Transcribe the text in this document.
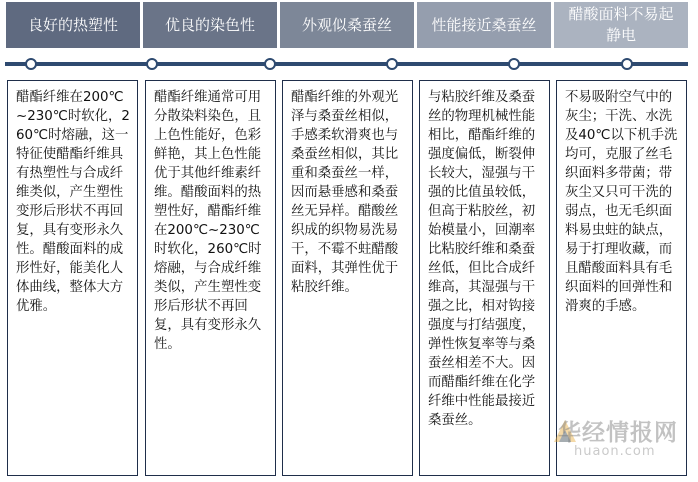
良好的热塑性	优良的染色性	外观似桑蚕丝	性能接近桑蚕丝
醋酸面料不易起静电
醋酯纤维在200℃~230℃时软化，260℃时熔融，这一特征使醋酯纤维具有热塑性与合成纤维类似，产生塑性变形后形状不再回复，具有变形永久性。醋酸面料的成形性好，能美化人体曲线，整体大方优雅。
醋酯纤维通常可用分散染料染色，且上色性能好，色彩鲜艳，其上色性能优于其他纤维素纤维。醋酸面料的热塑性好，醋酯纤维在200℃~230℃时软化，260℃时熔融，与合成纤维类似，产生塑性变形后形状不再回复，具有变形永久性。
醋酯纤维的外观光泽与桑蚕丝相似，手感柔软滑爽也与桑蚕丝相似，其比重和桑蚕丝一样，因而悬垂感和桑蚕丝无异样。醋酸丝织成的织物易洗易干，不霉不蛀醋酸面料，其弹性优于粘胶纤维。
与粘胶纤维及桑蚕丝的物理机械性能相比，醋酯纤维的强度偏低，断裂伸长较大，湿强与干强的比值虽较低，但高于粘胶丝，初始模量小，回潮率比粘胶纤维和桑蚕丝低，但比合成纤维高，其湿强与干强之比，相对钩接强度与打结强度，弹性恢复率等与桑蚕丝相差不大。因而醋酯纤维在化学纤维中性能最接近桑蚕丝。
不易吸附空气中的灰尘；干洗、水洗及40℃以下机手洗均可，克服了丝毛织面料多带菌；带灰尘又只可干洗的弱点，也无毛织面料易虫蛀的缺点，易于打理收藏，而且醋酸面料具有毛织面料的回弹性和滑爽的手感。
华经情报网
huaon.com
